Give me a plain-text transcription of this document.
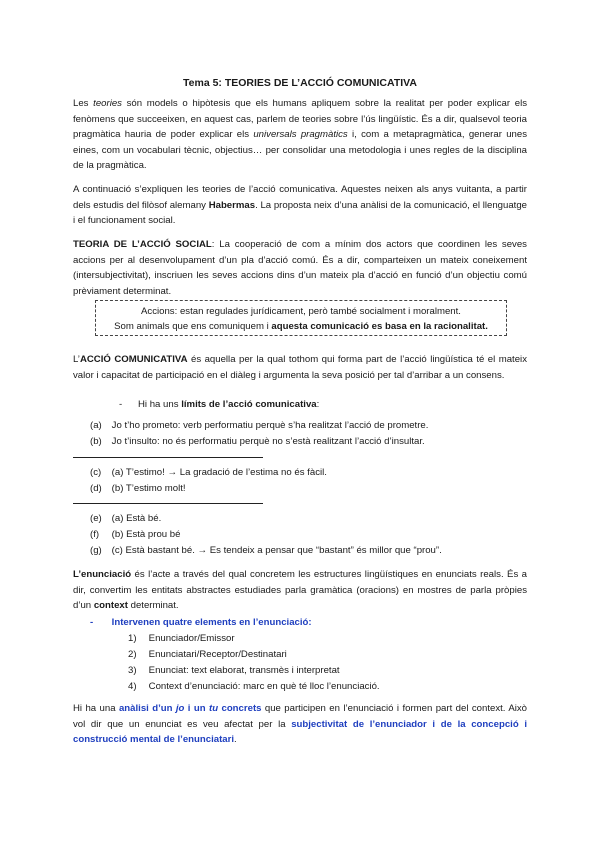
Tema 5: TEORIES DE L’ACCIÓ COMUNICATIVA
Les teories són models o hipòtesis que els humans apliquem sobre la realitat per poder explicar els fenòmens que succeeixen, en aquest cas, parlem de teories sobre l’ús lingüístic. És a dir, qualsevol teoria pragmàtica hauria de poder explicar els universals pragmàtics i, com a metapragmàtica, generar unes eines, com un vocabulari tècnic, objectius… per consolidar una metodologia i unes regles de la disciplina de la pragmàtica.
A continuació s’expliquen les teories de l’acció comunicativa. Aquestes neixen als anys vuitanta, a partir dels estudis del filòsof alemany Habermas. La proposta neix d’una anàlisi de la comunicació, el llenguatge i el funcionament social.
TEORIA DE L’ACCIÓ SOCIAL: La cooperació de com a mínim dos actors que coordinen les seves accions per al desenvolupament d’un pla d’acció comú. És a dir, comparteixen un mateix coneixement (intersubjectivitat), inscriuen les seves accions dins d’un mateix pla d’acció en funció d’un objectiu comú prèviament determinat.
Accions: estan regulades jurídicament, però també socialment i moralment.
Som animals que ens comuniquem i aquesta comunicació es basa en la racionalitat.
L’ACCIÓ COMUNICATIVA és aquella per la qual tothom qui forma part de l’acció lingüística té el mateix valor i capacitat de participació en el diàleg i argumenta la seva posició per tal d’arribar a un consens.
- Hi ha uns límits de l’acció comunicativa:
(a) Jo t’ho prometo: verb performatiu perquè s’ha realitzat l’acció de prometre.
(b) Jo t’insulto: no és performatiu perquè no s’està realitzant l’acció d’insultar.
(c) (a) T’estimo! → La gradació de l’estima no és fàcil.
(d) (b) T’estimo molt!
(e) (a) Està bé.
(f) (b) Està prou bé
(g) (c) Està bastant bé. → Es tendeix a pensar que “bastant” és millor que “prou”.
L’enunciació és l’acte a través del qual concretem les estructures lingüístiques en enunciats reals. És a dir, convertim les entitats abstractes estudiades parla gramàtica (oracions) en mostres de parla pròpies d’un context determinat.
- Intervenen quatre elements en l’enunciació:
1) Enunciador/Emissor
2) Enunciatari/Receptor/Destinatari
3) Enunciat: text elaborat, transmès i interpretat
4) Context d’enunciació: marc en què té lloc l’enunciació.
Hi ha una anàlisi d’un jo i un tu concrets que participen en l’enunciació i formen part del context. Això vol dir que un enunciat es veu afectat per la subjectivitat de l’enunciador i de la concepció i construcció mental de l’enunciatari.
